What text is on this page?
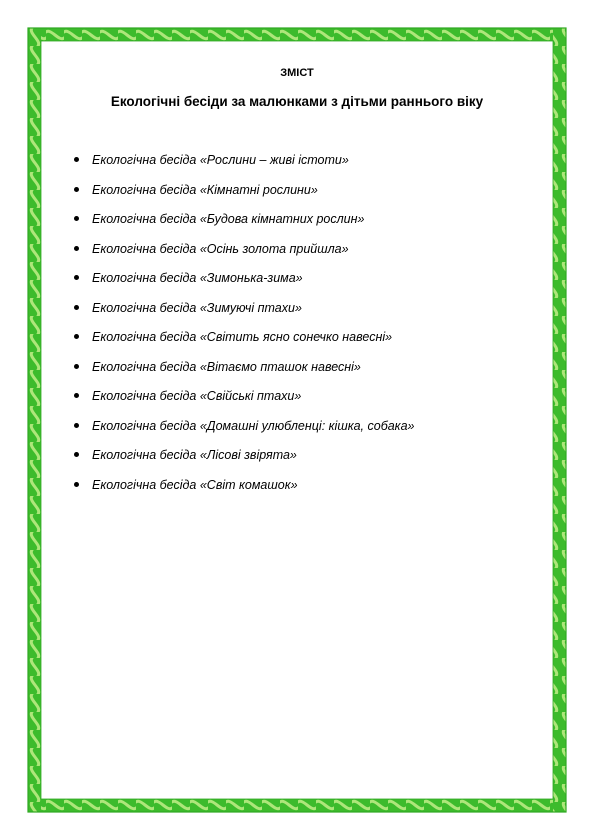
ЗМІСТ
Екологічні бесіди за малюнками з дітьми раннього віку
Екологічна бесіда «Рослини – живі істоти»
Екологічна бесіда «Кімнатні рослини»
Екологічна бесіда «Будова кімнатних рослин»
Екологічна бесіда «Осінь золота прийшла»
Екологічна бесіда «Зимонька-зима»
Екологічна бесіда «Зимуючі птахи»
Екологічна бесіда «Світить ясно сонечко навесні»
Екологічна бесіда «Вітаємо пташок навесні»
Екологічна бесіда «Свійські птахи»
Екологічна бесіда «Домашні улюбленці: кішка, собака»
Екологічна бесіда «Лісові звірята»
Екологічна бесіда «Світ комашок»
